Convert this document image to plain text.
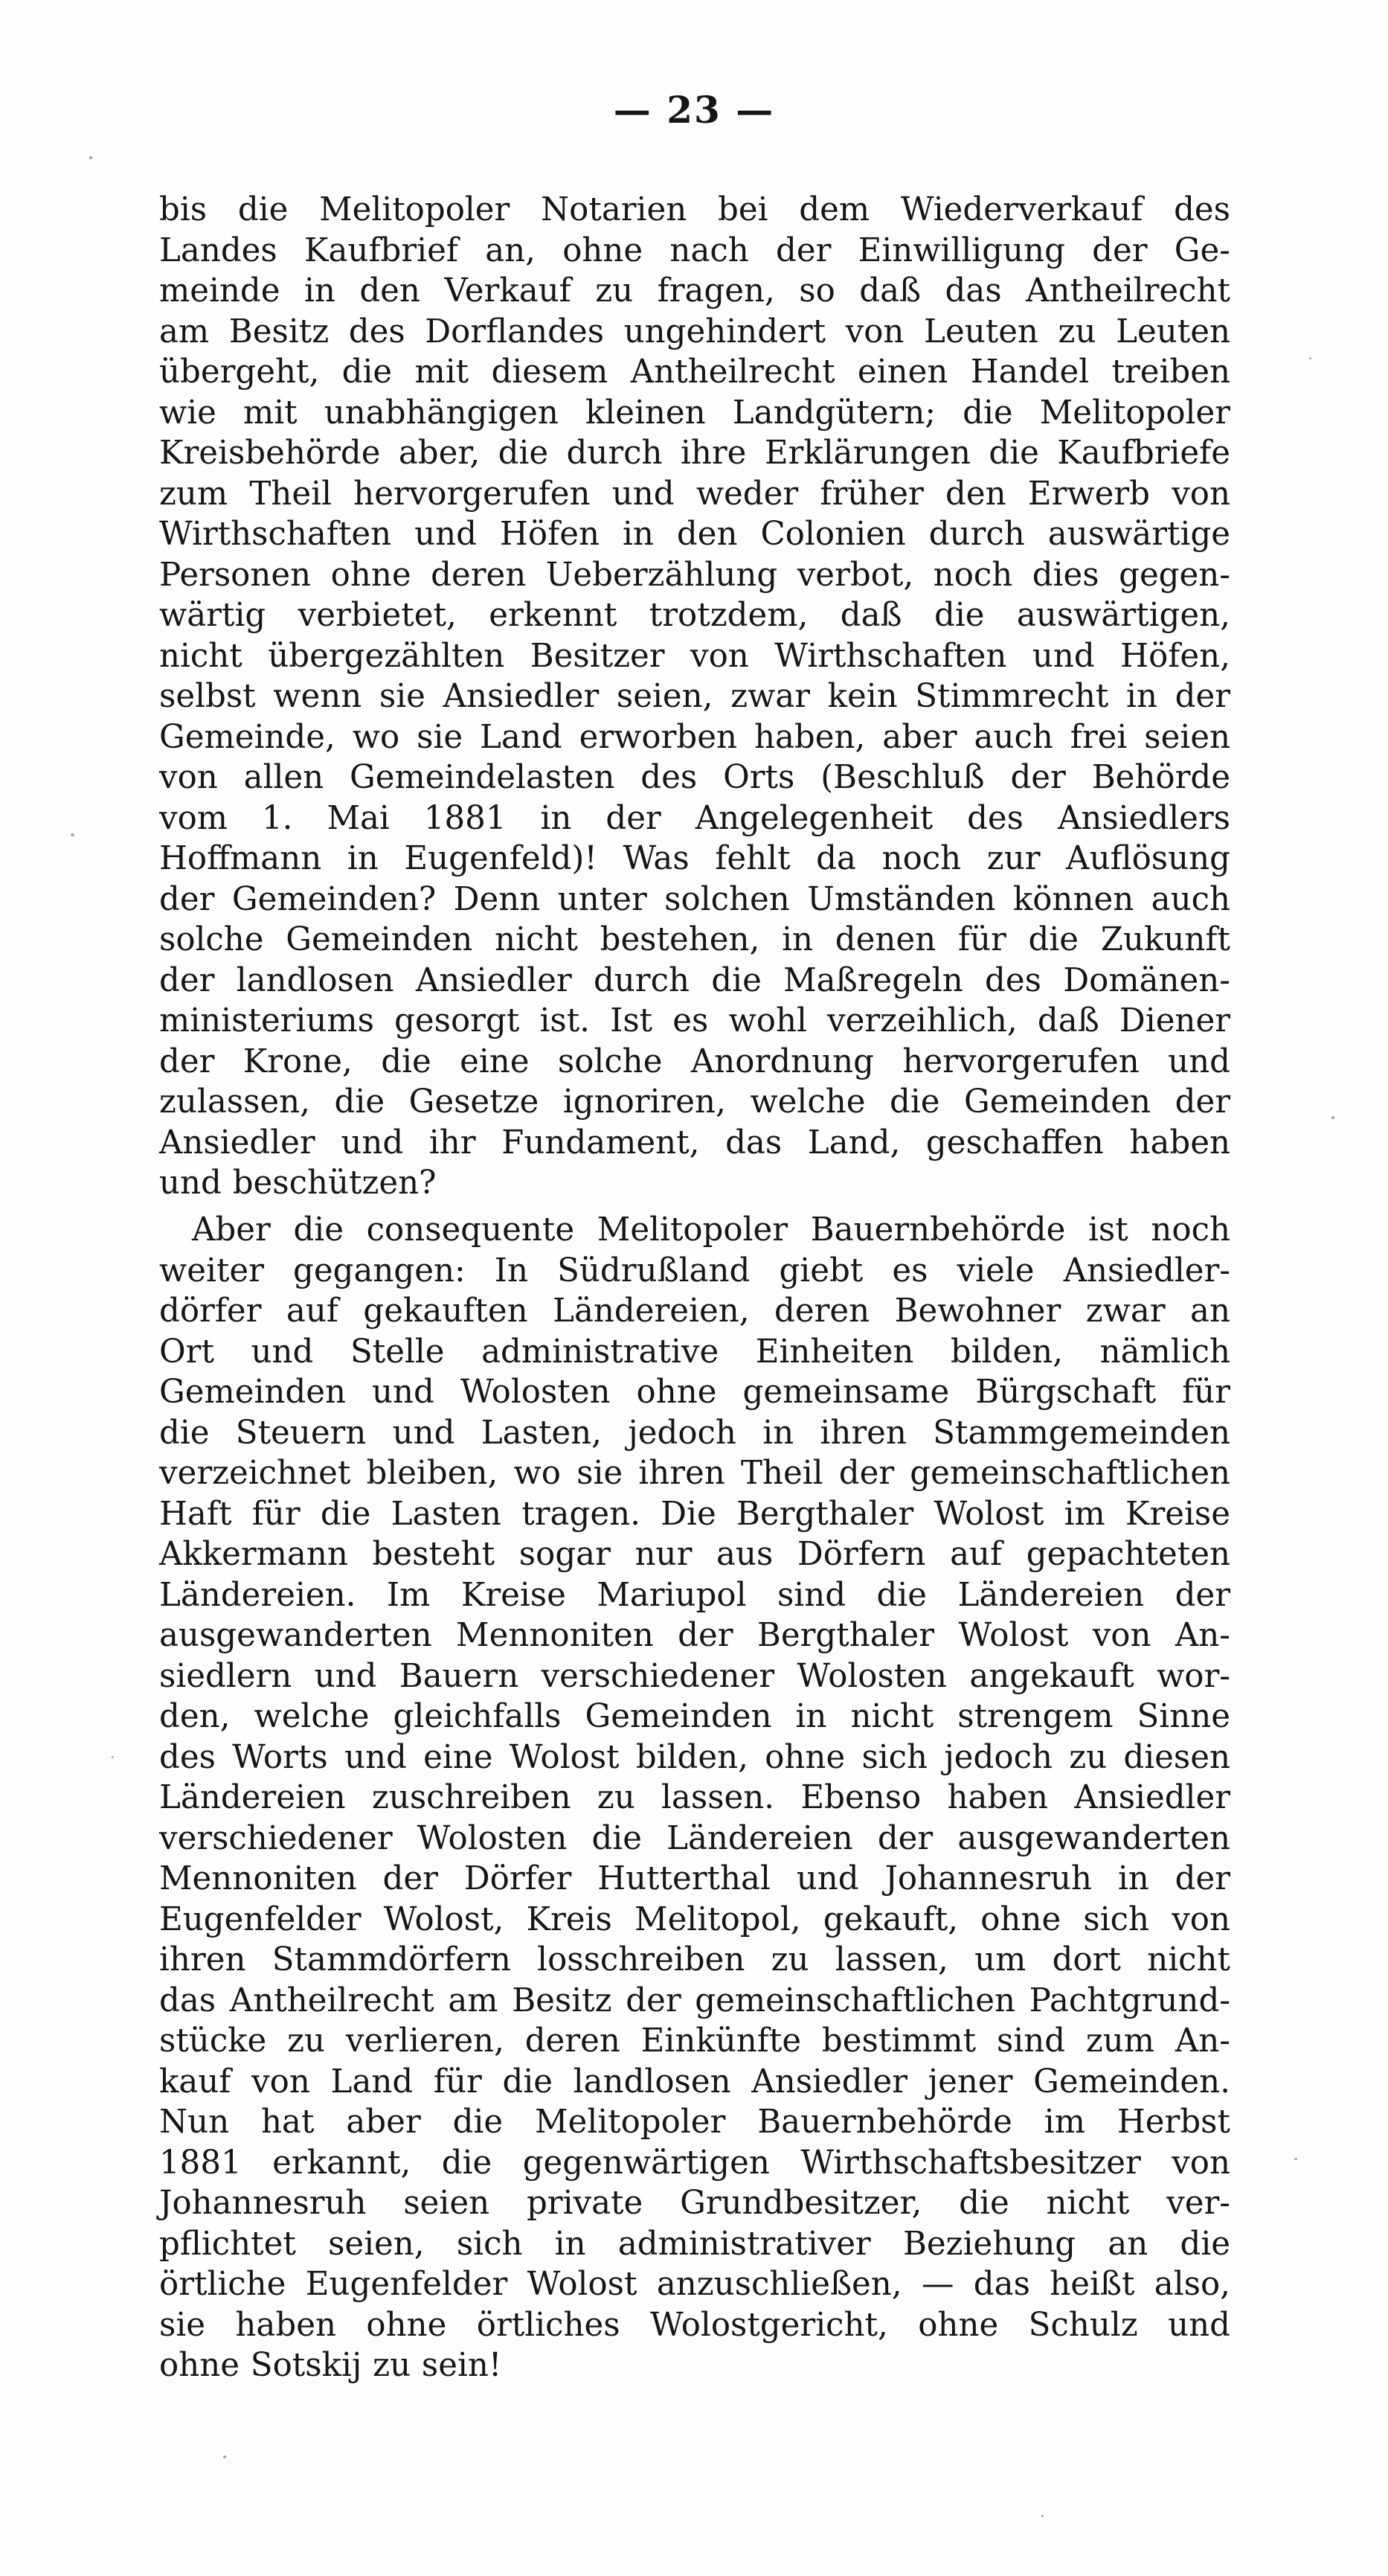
— 23 —
bis die Melitopoler Notarien bei dem Wiederverkauf des
Landes Kaufbrief an, ohne nach der Einwilligung der Ge-
meinde in den Verkauf zu fragen, so daß das Antheilrecht
am Besitz des Dorflandes ungehindert von Leuten zu Leuten
übergeht, die mit diesem Antheilrecht einen Handel treiben
wie mit unabhängigen kleinen Landgütern; die Melitopoler
Kreisbehörde aber, die durch ihre Erklärungen die Kaufbriefe
zum Theil hervorgerufen und weder früher den Erwerb von
Wirthschaften und Höfen in den Colonien durch auswärtige
Personen ohne deren Ueberzählung verbot, noch dies gegen-
wärtig verbietet, erkennt trotzdem, daß die auswärtigen,
nicht übergezählten Besitzer von Wirthschaften und Höfen,
selbst wenn sie Ansiedler seien, zwar kein Stimmrecht in der
Gemeinde, wo sie Land erworben haben, aber auch frei seien
von allen Gemeindelasten des Orts (Beschluß der Behörde
vom 1. Mai 1881 in der Angelegenheit des Ansiedlers
Hoffmann in Eugenfeld)! Was fehlt da noch zur Auflösung
der Gemeinden? Denn unter solchen Umständen können auch
solche Gemeinden nicht bestehen, in denen für die Zukunft
der landlosen Ansiedler durch die Maßregeln des Domänen-
ministeriums gesorgt ist. Ist es wohl verzeihlich, daß Diener
der Krone, die eine solche Anordnung hervorgerufen und
zulassen, die Gesetze ignoriren, welche die Gemeinden der
Ansiedler und ihr Fundament, das Land, geschaffen haben
und beschützen?
Aber die consequente Melitopoler Bauernbehörde ist noch
weiter gegangen: In Südrußland giebt es viele Ansiedler-
dörfer auf gekauften Ländereien, deren Bewohner zwar an
Ort und Stelle administrative Einheiten bilden, nämlich
Gemeinden und Wolosten ohne gemeinsame Bürgschaft für
die Steuern und Lasten, jedoch in ihren Stammgemeinden
verzeichnet bleiben, wo sie ihren Theil der gemeinschaftlichen
Haft für die Lasten tragen. Die Bergthaler Wolost im Kreise
Akkermann besteht sogar nur aus Dörfern auf gepachteten
Ländereien. Im Kreise Mariupol sind die Ländereien der
ausgewanderten Mennoniten der Bergthaler Wolost von An-
siedlern und Bauern verschiedener Wolosten angekauft wor-
den, welche gleichfalls Gemeinden in nicht strengem Sinne
des Worts und eine Wolost bilden, ohne sich jedoch zu diesen
Ländereien zuschreiben zu lassen. Ebenso haben Ansiedler
verschiedener Wolosten die Ländereien der ausgewanderten
Mennoniten der Dörfer Hutterthal und Johannesruh in der
Eugenfelder Wolost, Kreis Melitopol, gekauft, ohne sich von
ihren Stammdörfern losschreiben zu lassen, um dort nicht
das Antheilrecht am Besitz der gemeinschaftlichen Pachtgrund-
stücke zu verlieren, deren Einkünfte bestimmt sind zum An-
kauf von Land für die landlosen Ansiedler jener Gemeinden.
Nun hat aber die Melitopoler Bauernbehörde im Herbst
1881 erkannt, die gegenwärtigen Wirthschaftsbesitzer von
Johannesruh seien private Grundbesitzer, die nicht ver-
pflichtet seien, sich in administrativer Beziehung an die
örtliche Eugenfelder Wolost anzuschließen, — das heißt also,
sie haben ohne örtliches Wolostgericht, ohne Schulz und
ohne Sotskij zu sein!
